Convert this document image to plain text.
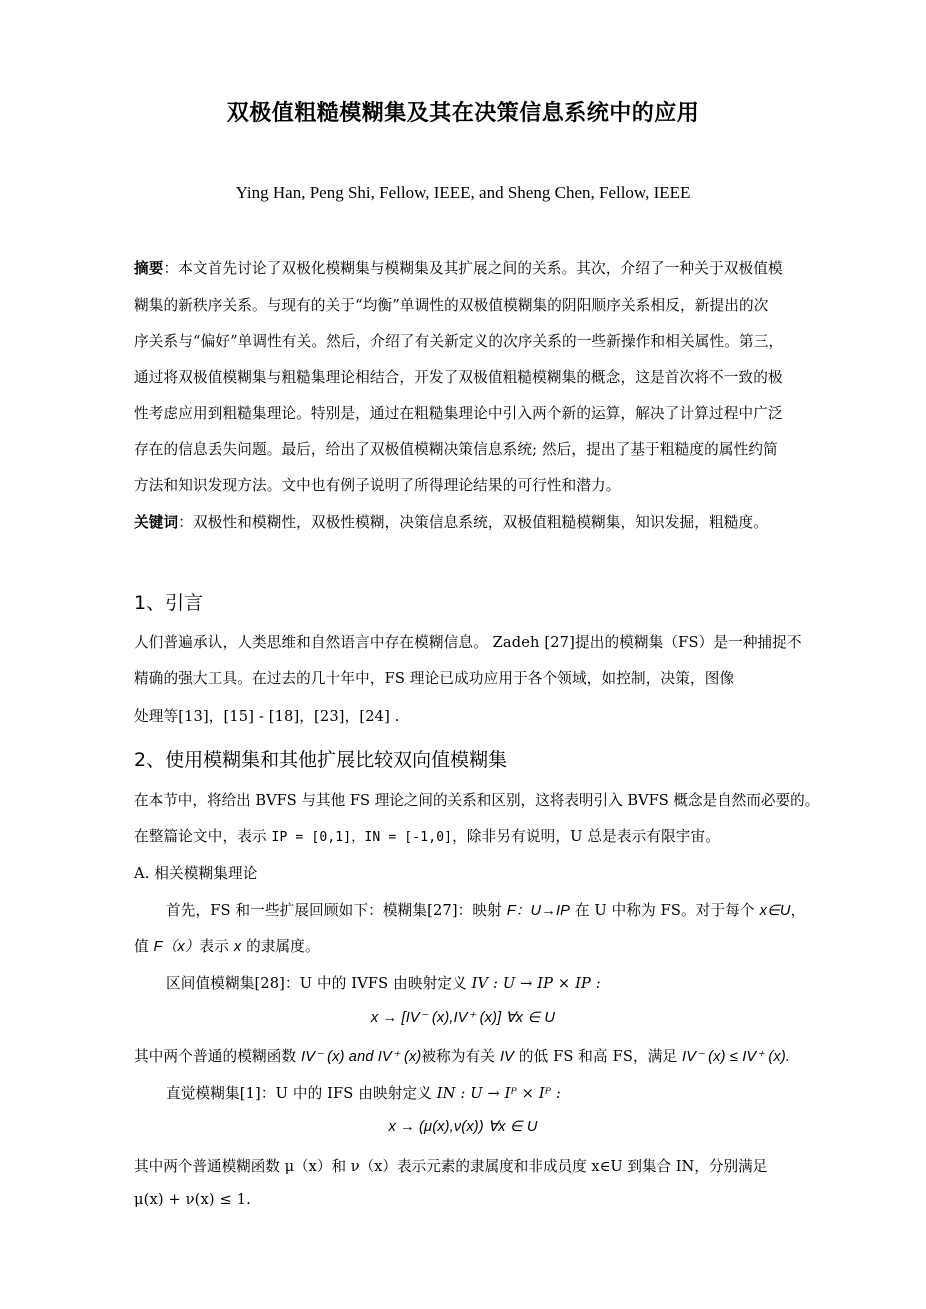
双极值粗糙模糊集及其在决策信息系统中的应用
Ying Han, Peng Shi, Fellow, IEEE, and Sheng Chen, Fellow, IEEE
摘要：本文首先讨论了双极化模糊集与模糊集及其扩展之间的关系。其次，介绍了一种关于双极值模
糊集的新秩序关系。与现有的关于“均衡”单调性的双极值模糊集的阴阳顺序关系相反，新提出的次
序关系与“偏好”单调性有关。然后，介绍了有关新定义的次序关系的一些新操作和相关属性。第三，
通过将双极值模糊集与粗糙集理论相结合，开发了双极值粗糙模糊集的概念，这是首次将不一致的极
性考虑应用到粗糙集理论。特别是，通过在粗糙集理论中引入两个新的运算，解决了计算过程中广泛
存在的信息丢失问题。最后，给出了双极值模糊决策信息系统; 然后，提出了基于粗糙度的属性约简
方法和知识发现方法。文中也有例子说明了所得理论结果的可行性和潜力。
关键词：双极性和模糊性，双极性模糊，决策信息系统，双极值粗糙模糊集，知识发掘，粗糙度。
1、引言
人们普遍承认，人类思维和自然语言中存在模糊信息。 Zadeh [27]提出的模糊集（FS）是一种捕捉不
精确的强大工具。在过去的几十年中，FS 理论已成功应用于各个领域，如控制，决策，图像
处理等[13]，[15] - [18]，[23]，[24] .
2、使用模糊集和其他扩展比较双向值模糊集
在本节中，将给出 BVFS 与其他 FS 理论之间的关系和区别，这将表明引入 BVFS 概念是自然而必要的。
在整篇论文中，表示 IP = [0,1]，IN = [-1,0]，除非另有说明，U 总是表示有限宇宙。
A. 相关模糊集理论
首先，FS 和一些扩展回顾如下：模糊集[27]：映射 F：U→IP 在 U 中称为 FS。对于每个 x∈U，
值 F（x）表示 x 的隶属度。
区间值模糊集[28]：U 中的 IVFS 由映射定义 IV : U → IP × IP :
x → [IV⁻ (x),IV⁺ (x)] ∀x ∈ U
其中两个普通的模糊函数 IV⁻ (x) and IV⁺ (x)被称为有关 IV 的低 FS 和高 FS，满足 IV⁻ (x) ≤ IV⁺ (x).
直觉模糊集[1]：U 中的 IFS 由映射定义 IN : U → Iᴾ × Iᴾ :
x → (μ(x),ν(x)) ∀x ∈ U
其中两个普通模糊函数 μ（x）和 ν（x）表示元素的隶属度和非成员度 x∈U 到集合 IN，分别满足
μ(x) + ν(x) ≤ 1.
